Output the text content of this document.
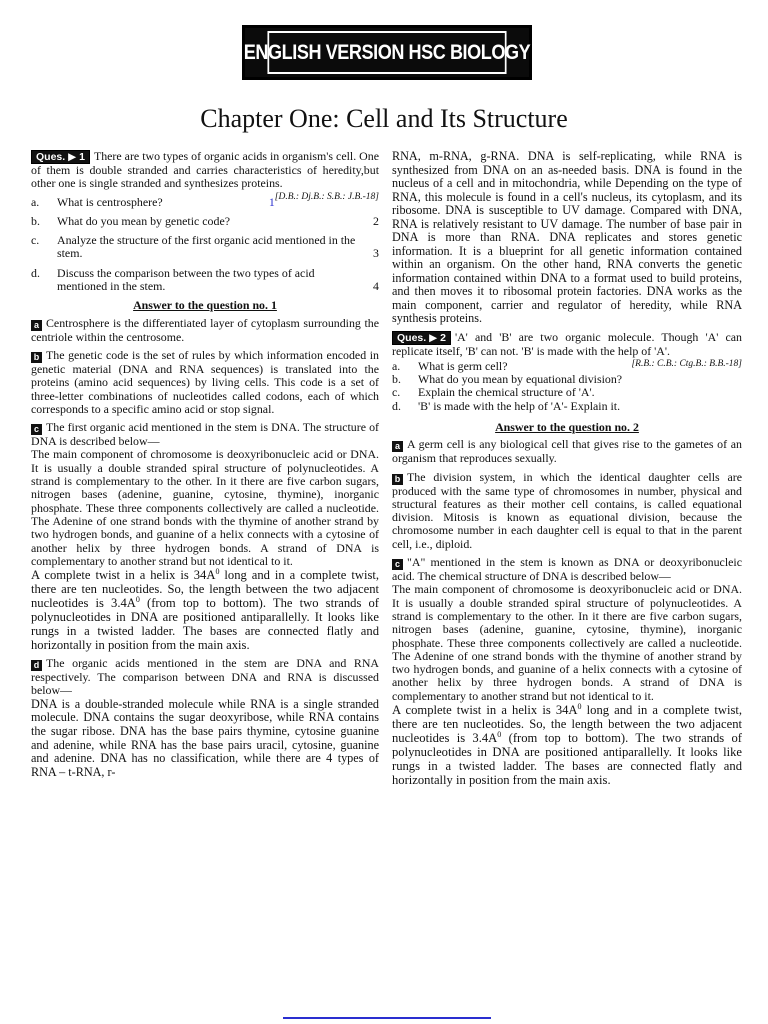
ENGLISH VERSION HSC BIOLOGY
Chapter One: Cell and Its Structure

Ques. ▶ 1 There are two types of organic acids in organism's cell. One of them is double stranded and carries characteristics of heredity,but other one is single stranded and synthesizes proteins.
[D.B.: Dj.B.: S.B.: J.B.-18]

a.	What is centrosphere?	1
b.	What do you mean by genetic code?	2
c.	Analyze the structure of the first organic acid mentioned in the stem.	3
d.	Discuss the comparison between the two types of acid mentioned in the stem.	4
Answer to the question no. 1

a Centrosphere is the differentiated layer of cytoplasm surrounding the centriole within the centrosome.

b The genetic code is the set of rules by which information encoded in genetic material (DNA and RNA sequences) is translated into the proteins (amino acid sequences) by living cells. This code is a set of three-letter combinations of nucleotides called codons, each of which corresponds to a specific amino acid or stop signal.

c The first organic acid mentioned in the stem is DNA. The structure of DNA is described below—

The main component of chromosome is deoxyribonucleic acid or DNA. It is usually a double stranded spiral structure of polynucleotides. A strand is complementary to the other. In it there are five carbon sugars, nitrogen bases (adenine, guanine, cytosine, thymine), inorganic phosphate. These three components collectively are called a nucleotide. The Adenine of one strand bonds with the thymine of another strand by two hydrogen bonds, and guanine of a helix connects with a cytosine of another helix by three hydrogen bonds. A strand of DNA is complementary to another strand but not identical to it.

A complete twist in a helix is $34A^0$ long and in a complete twist, there are ten nucleotides. So, the length between the two adjacent nucleotides is $3.4A^0$ (from top to bottom). The two strands of polynucleotides in DNA are positioned antiparallelly. It looks like rungs in a twisted ladder. The bases are connected flatly and horizontally in position from the main axis.

d The organic acids mentioned in the stem are DNA and RNA respectively. The comparison between DNA and RNA is discussed below—

DNA is a double-stranded molecule while RNA is a single stranded molecule. DNA contains the sugar deoxyribose, while RNA contains the sugar ribose. DNA has the base pairs thymine, cytosine guanine and adenine, while RNA has the base pairs uracil, cytosine, guanine and adenine. DNA has no classification, while there are 4 types of RNA – t-RNA, r-

RNA, m-RNA, g-RNA. DNA is self-replicating, while RNA is synthesized from DNA on an as-needed basis. DNA is found in the nucleus of a cell and in mitochondria, while Depending on the type of RNA, this molecule is found in a cell's nucleus, its cytoplasm, and its ribosome. DNA is susceptible to UV damage. Compared with DNA, RNA is relatively resistant to UV damage. The number of base pair in DNA is more than RNA. DNA replicates and stores genetic information. It is a blueprint for all genetic information contained within an organism. On the other hand, RNA converts the genetic information contained within DNA to a format used to build proteins, and then moves it to ribosomal protein factories. DNA works as the main component, carrier and regulator of heredity, while RNA synthesis proteins.

Ques. ▶ 2 'A' and 'B' are two organic molecule. Though 'A' can replicate itself, 'B' can not. 'B' is made with the help of 'A'.
[R.B.: C.B.: Ctg.B.: B.B.-18]

a.	What is germ cell?
b.	What do you mean by equational division?
c.	Explain the chemical structure of 'A'.
d.	'B' is made with the help of 'A'- Explain it.
Answer to the question no. 2

a A germ cell is any biological cell that gives rise to the gametes of an organism that reproduces sexually.

b The division system, in which the identical daughter cells are produced with the same type of chromosomes in number, physical and structural features as their mother cell contains, is called equational division. Mitosis is known as equational division, because the chromosome number in each daughter cell is equal to that in the parent cell, i.e., diploid.

c "A" mentioned in the stem is known as DNA or deoxyribonucleic acid. The chemical structure of DNA is described below—

The main component of chromosome is deoxyribonucleic acid or DNA. It is usually a double stranded spiral structure of polynucleotides. A strand is complementary to the other. In it there are five carbon sugars, nitrogen bases (adenine, guanine, cytosine, thymine), inorganic phosphate. These three components collectively are called a nucleotide. The Adenine of one strand bonds with the thymine of another strand by two hydrogen bonds, and guanine of a helix connects with a cytosine of another helix by three hydrogen bonds. A strand of DNA is complementary to another strand but not identical to it.

A complete twist in a helix is $34A^0$ long and in a complete twist, there are ten nucleotides. So, the length between the two adjacent nucleotides is $3.4A^0$ (from top to bottom). The two strands of polynucleotides in DNA are positioned antiparallelly. It looks like rungs in a twisted ladder. The bases are connected flatly and horizontally in position from the main axis.
